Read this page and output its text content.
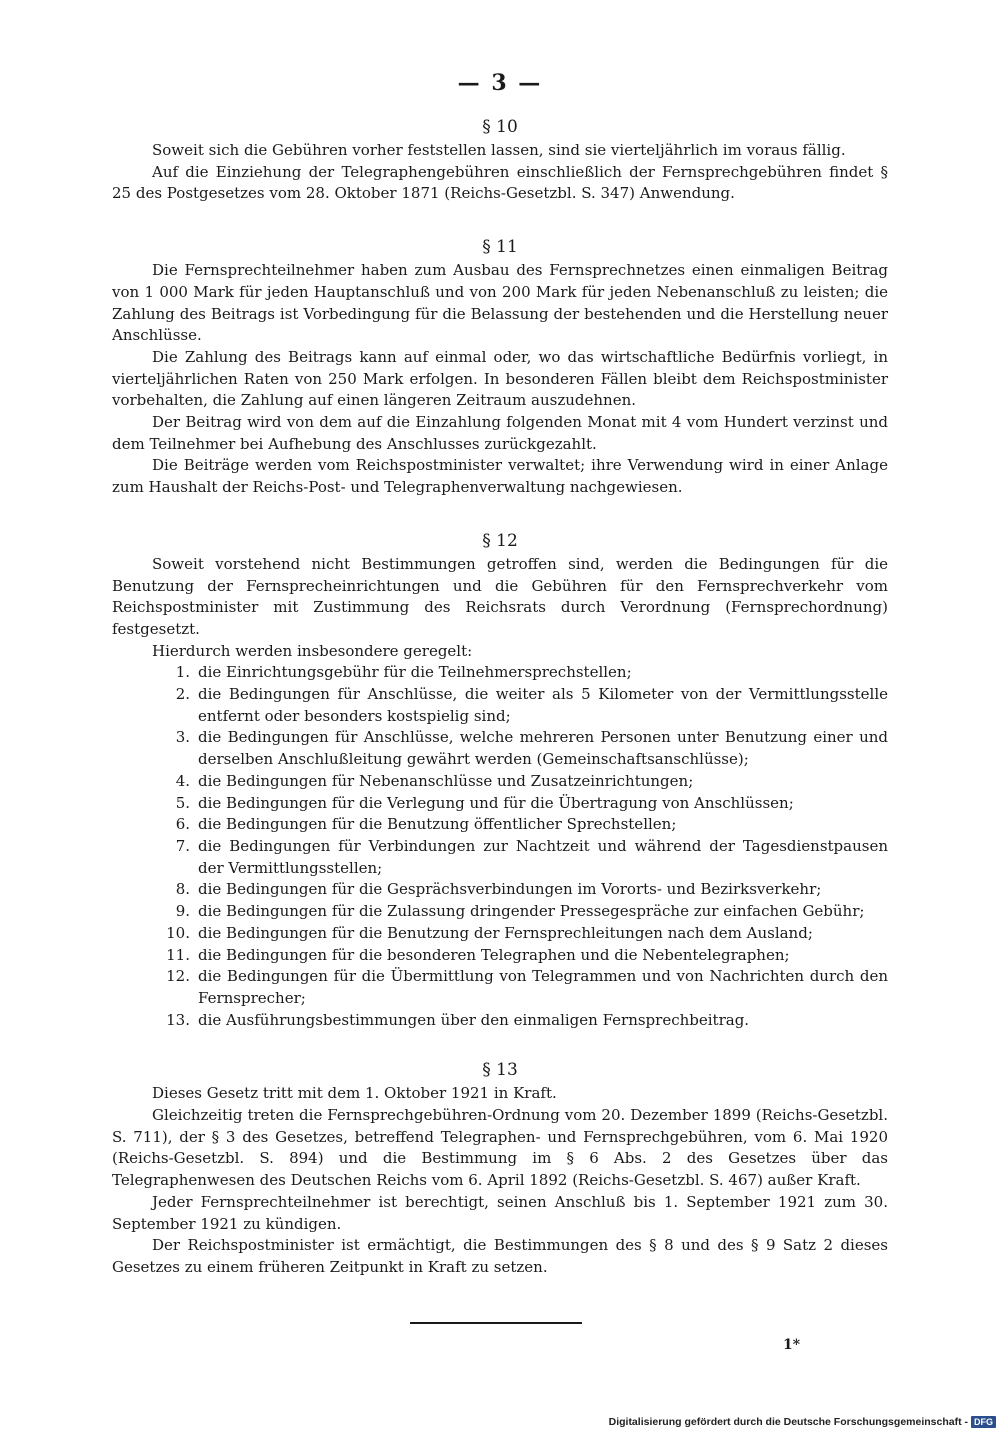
— 3 —
§ 10

Soweit sich die Gebühren vorher feststellen lassen, sind sie vierteljährlich im voraus fällig.

Auf die Einziehung der Telegraphengebühren einschließlich der Fernsprechgebühren findet § 25 des Postgesetzes vom 28. Oktober 1871 (Reichs-Gesetzbl. S. 347) Anwendung.

§ 11

Die Fernsprechteilnehmer haben zum Ausbau des Fernsprechnetzes einen einmaligen Beitrag von 1 000 Mark für jeden Hauptanschluß und von 200 Mark für jeden Nebenanschluß zu leisten; die Zahlung des Beitrags ist Vorbedingung für die Belassung der bestehenden und die Herstellung neuer Anschlüsse.

Die Zahlung des Beitrags kann auf einmal oder, wo das wirtschaftliche Bedürfnis vorliegt, in vierteljährlichen Raten von 250 Mark erfolgen. In besonderen Fällen bleibt dem Reichspostminister vorbehalten, die Zahlung auf einen längeren Zeitraum auszudehnen.

Der Beitrag wird von dem auf die Einzahlung folgenden Monat mit 4 vom Hundert verzinst und dem Teilnehmer bei Aufhebung des Anschlusses zurückgezahlt.

Die Beiträge werden vom Reichspostminister verwaltet; ihre Verwendung wird in einer Anlage zum Haushalt der Reichs-Post- und Telegraphenverwaltung nachgewiesen.

§ 12

Soweit vorstehend nicht Bestimmungen getroffen sind, werden die Bedingungen für die Benutzung der Fernsprecheinrichtungen und die Gebühren für den Fernsprechverkehr vom Reichspostminister mit Zustimmung des Reichsrats durch Verordnung (Fernsprechordnung) festgesetzt.

Hierdurch werden insbesondere geregelt:

1. die Einrichtungsgebühr für die Teilnehmersprechstellen;
2. die Bedingungen für Anschlüsse, die weiter als 5 Kilometer von der Vermittlungsstelle entfernt oder besonders kostspielig sind;
3. die Bedingungen für Anschlüsse, welche mehreren Personen unter Benutzung einer und derselben Anschlußleitung gewährt werden (Gemeinschaftsanschlüsse);
4. die Bedingungen für Nebenanschlüsse und Zusatzeinrichtungen;
5. die Bedingungen für die Verlegung und für die Übertragung von Anschlüssen;
6. die Bedingungen für die Benutzung öffentlicher Sprechstellen;
7. die Bedingungen für Verbindungen zur Nachtzeit und während der Tagesdienstpausen der Vermittlungsstellen;
8. die Bedingungen für die Gesprächsverbindungen im Vororts- und Bezirksverkehr;
9. die Bedingungen für die Zulassung dringender Pressegespräche zur einfachen Gebühr;
10. die Bedingungen für die Benutzung der Fernsprechleitungen nach dem Ausland;
11. die Bedingungen für die besonderen Telegraphen und die Nebentelegraphen;
12. die Bedingungen für die Übermittlung von Telegrammen und von Nachrichten durch den Fernsprecher;
13. die Ausführungsbestimmungen über den einmaligen Fernsprechbeitrag.
§ 13

Dieses Gesetz tritt mit dem 1. Oktober 1921 in Kraft.

Gleichzeitig treten die Fernsprechgebühren-Ordnung vom 20. Dezember 1899 (Reichs-Gesetzbl. S. 711), der § 3 des Gesetzes, betreffend Telegraphen- und Fernsprechgebühren, vom 6. Mai 1920 (Reichs-Gesetzbl. S. 894) und die Bestimmung im § 6 Abs. 2 des Gesetzes über das Telegraphenwesen des Deutschen Reichs vom 6. April 1892 (Reichs-Gesetzbl. S. 467) außer Kraft.

Jeder Fernsprechteilnehmer ist berechtigt, seinen Anschluß bis 1. September 1921 zum 30. September 1921 zu kündigen.

Der Reichspostminister ist ermächtigt, die Bestimmungen des § 8 und des § 9 Satz 2 dieses Gesetzes zu einem früheren Zeitpunkt in Kraft zu setzen.

1*
Digitalisierung gefördert durch die Deutsche Forschungsgemeinschaft - DFG
